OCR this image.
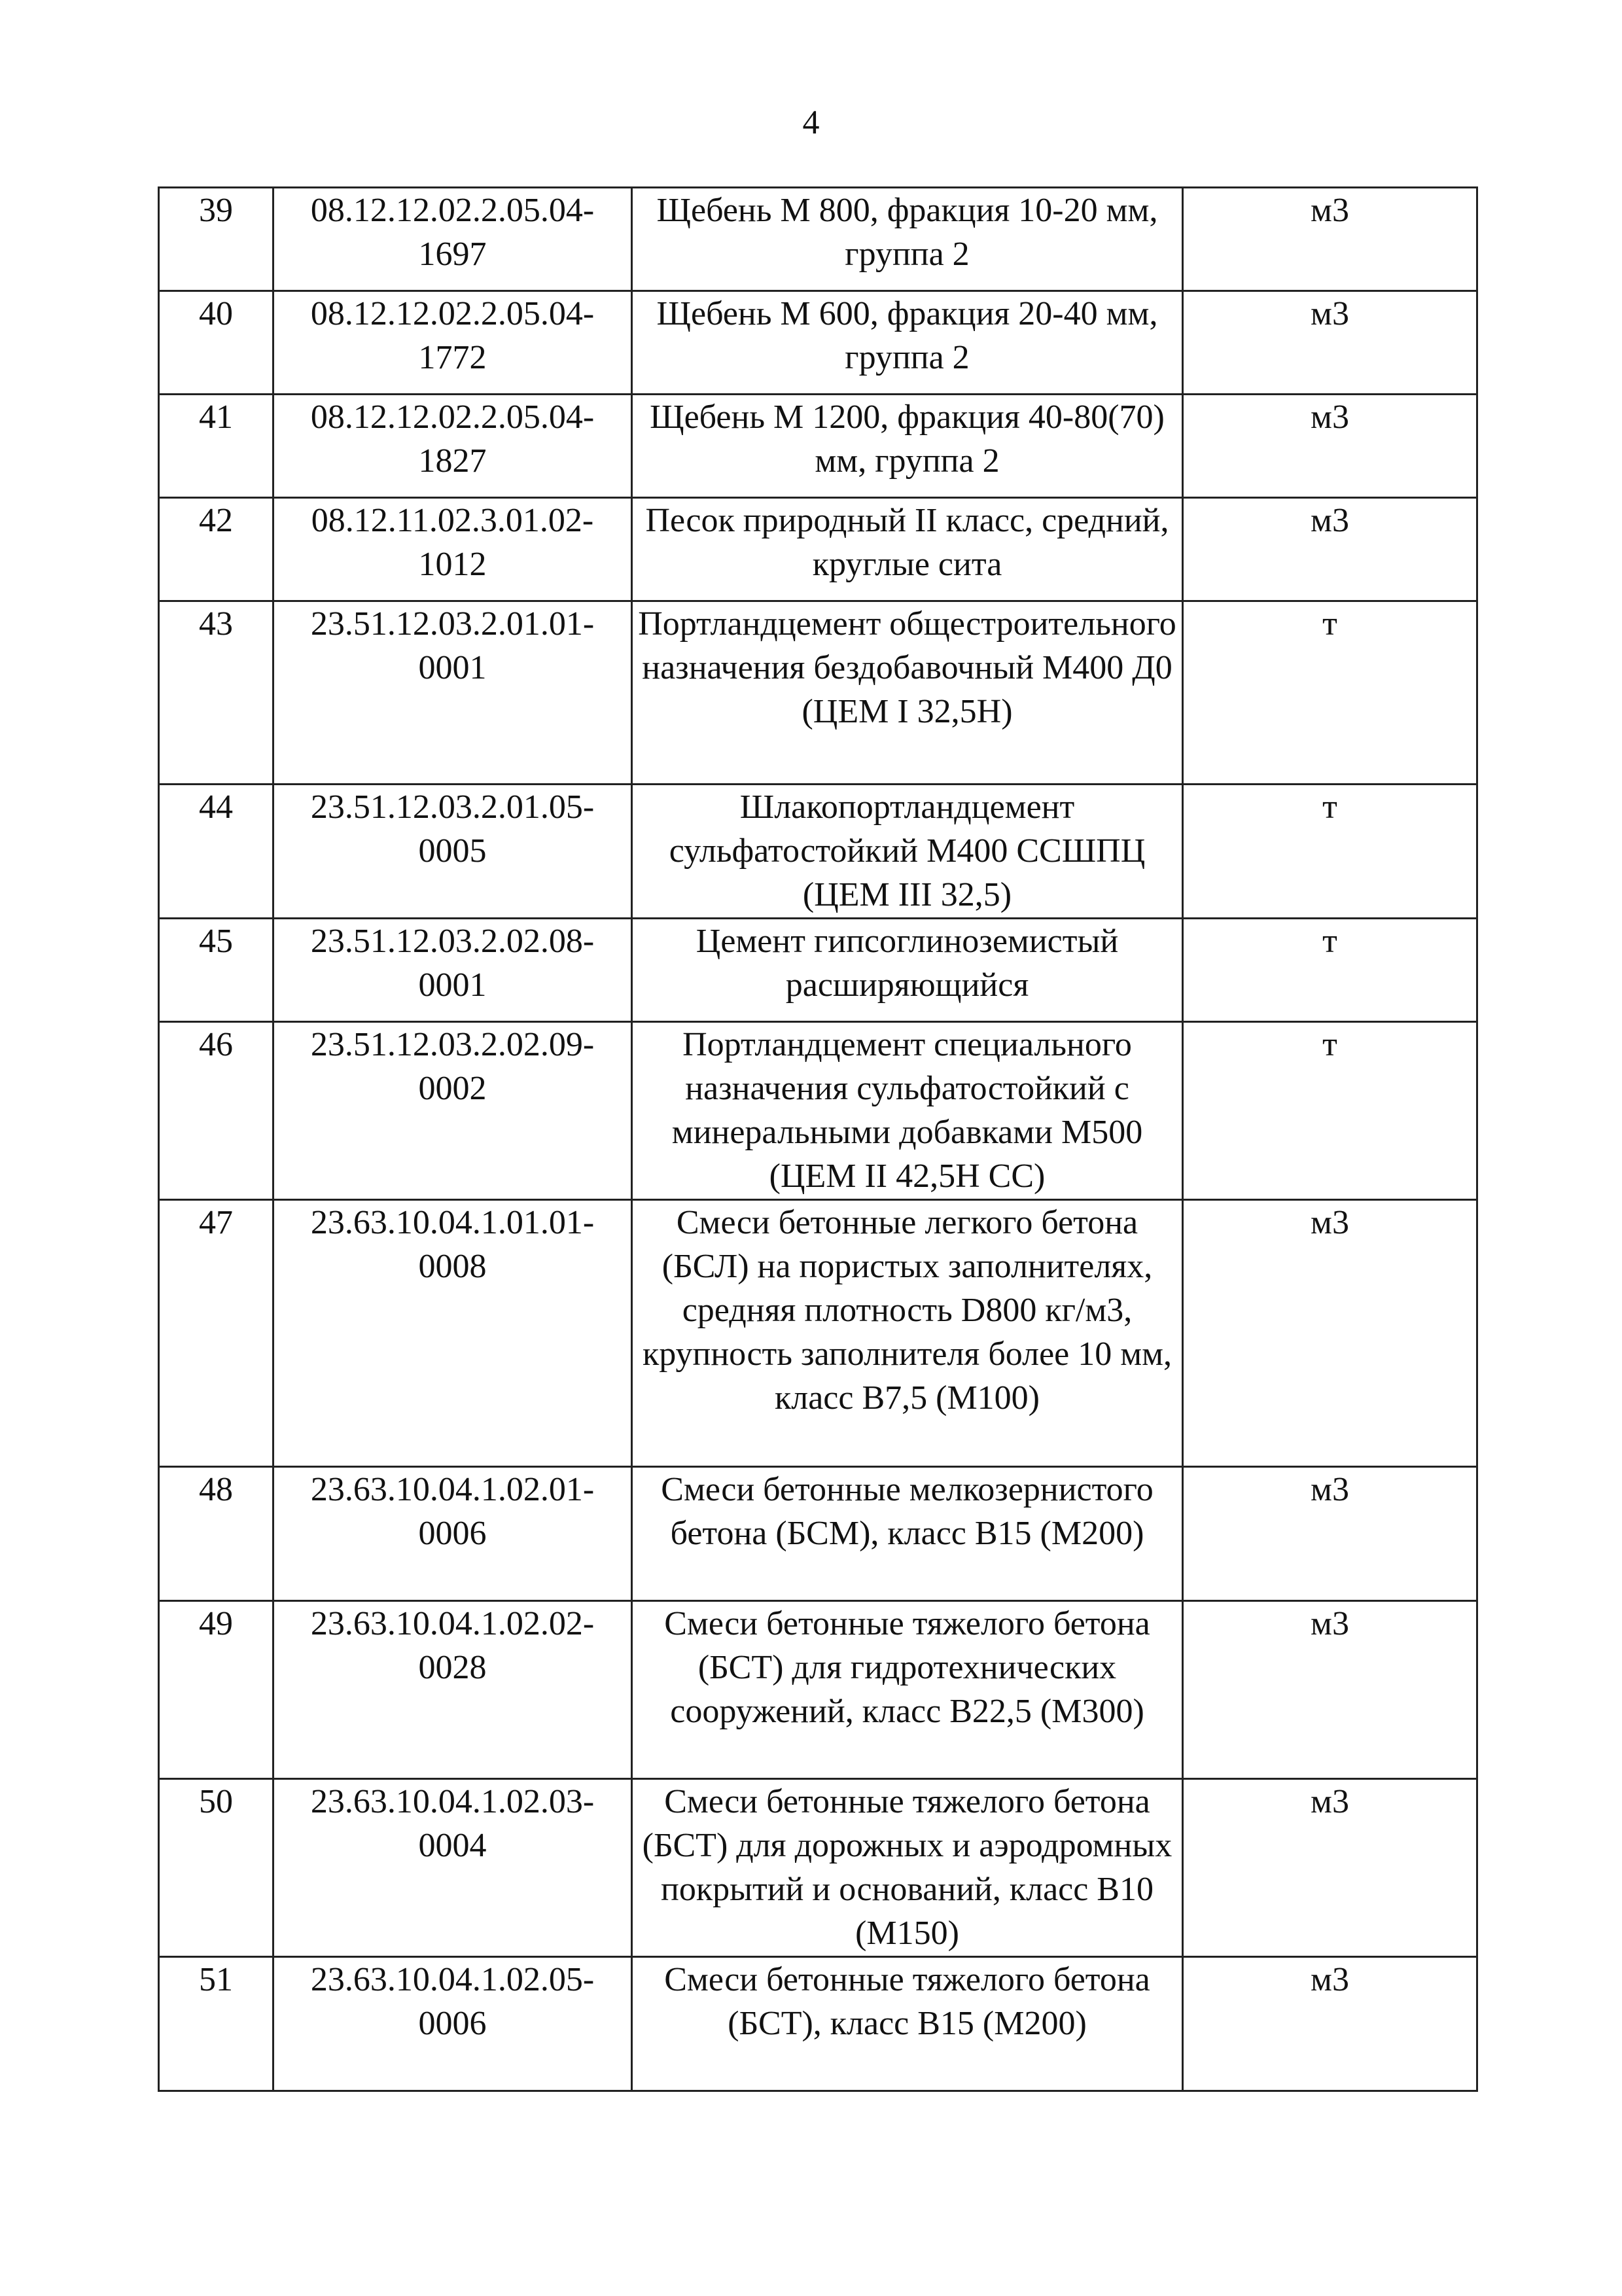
4
39	08.12.12.02.2.05.04-1697	Щебень М 800, фракция 10-20 мм, группа 2	м3
40	08.12.12.02.2.05.04-1772	Щебень М 600, фракция 20-40 мм, группа 2	м3
41	08.12.12.02.2.05.04-1827	Щебень М 1200, фракция 40-80(70) мм, группа 2	м3
42	08.12.11.02.3.01.02-1012	Песок природный II класс, средний, круглые сита	м3
43	23.51.12.03.2.01.01-0001	Портландцемент общестроительного назначения бездобавочный М400 Д0 (ЦЕМ I 32,5Н)	т
44	23.51.12.03.2.01.05-0005	Шлакопортландцемент сульфатостойкий М400 ССШПЦ (ЦЕМ III 32,5)	т
45	23.51.12.03.2.02.08-0001	Цемент гипсоглиноземистый расширяющийся	т
46	23.51.12.03.2.02.09-0002	Портландцемент специального назначения сульфатостойкий с минеральными добавками М500 (ЦЕМ II 42,5Н СС)	т
47	23.63.10.04.1.01.01-0008	Смеси бетонные легкого бетона (БСЛ) на пористых заполнителях, средняя плотность D800 кг/м3, крупность заполнителя более 10 мм, класс В7,5 (М100)	м3
48	23.63.10.04.1.02.01-0006	Смеси бетонные мелкозернистого бетона (БСМ), класс В15 (М200)	м3
49	23.63.10.04.1.02.02-0028	Смеси бетонные тяжелого бетона (БСТ) для гидротехнических сооружений, класс В22,5 (М300)	м3
50	23.63.10.04.1.02.03-0004	Смеси бетонные тяжелого бетона (БСТ) для дорожных и аэродромных покрытий и оснований, класс В10 (М150)	м3
51	23.63.10.04.1.02.05-0006	Смеси бетонные тяжелого бетона (БСТ), класс В15 (М200)	м3
